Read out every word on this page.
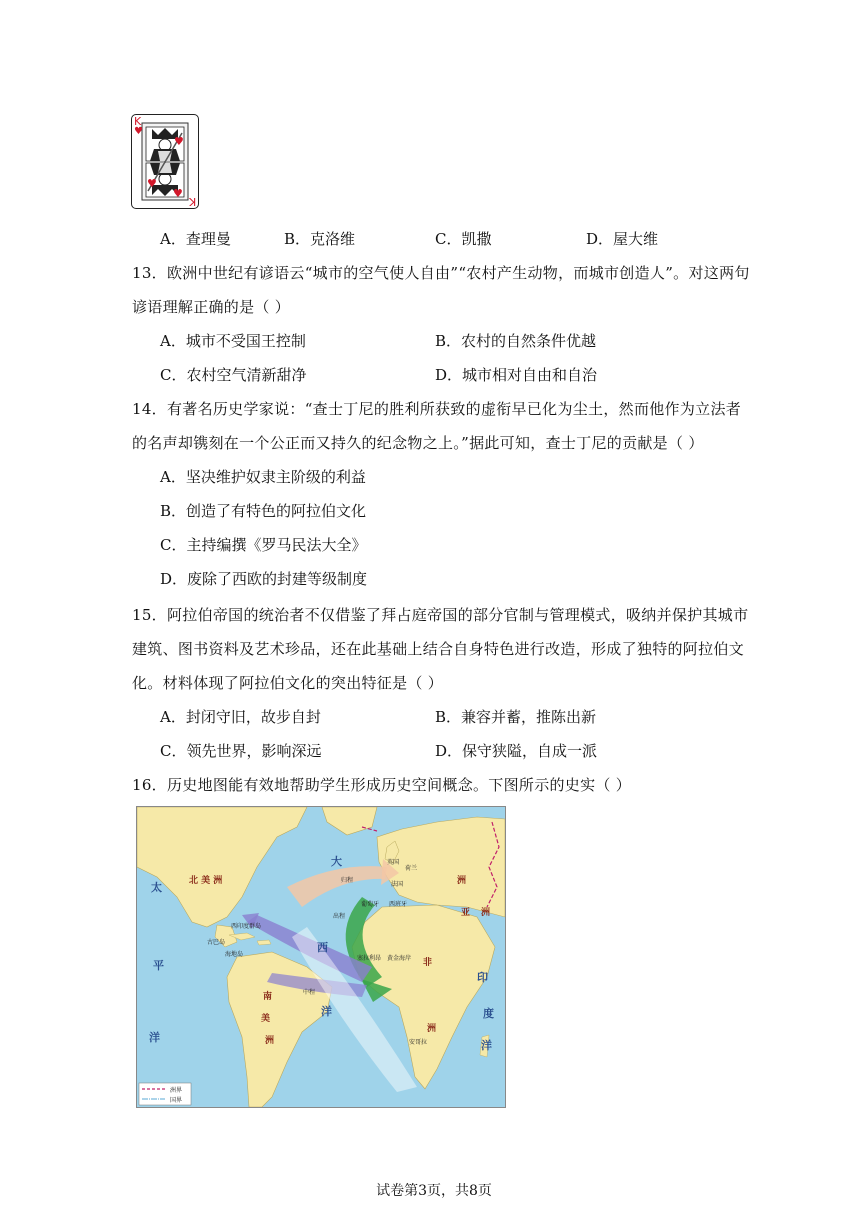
♥
♥
♥
K
♥
K
A．查理曼	B．克洛维	C．凯撒	D．屋大维
13．欧洲中世纪有谚语云“城市的空气使人自由”“农村产生动物，而城市创造人”。对这两句
谚语理解正确的是（ ）
A．城市不受国王控制	B．农村的自然条件优越
C．农村空气清新甜净	D．城市相对自由和自治
14．有著名历史学家说：“查士丁尼的胜利所获致的虚衔早已化为尘土，然而他作为立法者
的名声却镌刻在一个公正而又持久的纪念物之上。”据此可知，查士丁尼的贡献是（ ）
A．坚决维护奴隶主阶级的利益
B．创造了有特色的阿拉伯文化
C．主持编撰《罗马民法大全》
D．废除了西欧的封建等级制度
15．阿拉伯帝国的统治者不仅借鉴了拜占庭帝国的部分官制与管理模式，吸纳并保护其城市
建筑、图书资料及艺术珍品，还在此基础上结合自身特色进行改造，形成了独特的阿拉伯文
化。材料体现了阿拉伯文化的突出特征是（ ）
A．封闭守旧，故步自封	B．兼容并蓄，推陈出新
C．领先世界，影响深远	D．保守狭隘，自成一派
16．历史地图能有效地帮助学生形成历史空间概念。下图所示的史实（ ）
大
西
洋
太
平
洋
印
度
洋
北 美 洲
南
美
洲
非
洲
洲
亚 洲
英国
荷兰
法国
葡萄牙 西班牙
归程
出程
塞拉利昂 黄金海岸
安哥拉
古巴岛
海地岛
西印度群岛
中程
洲界
国界
试卷第3页，共8页
